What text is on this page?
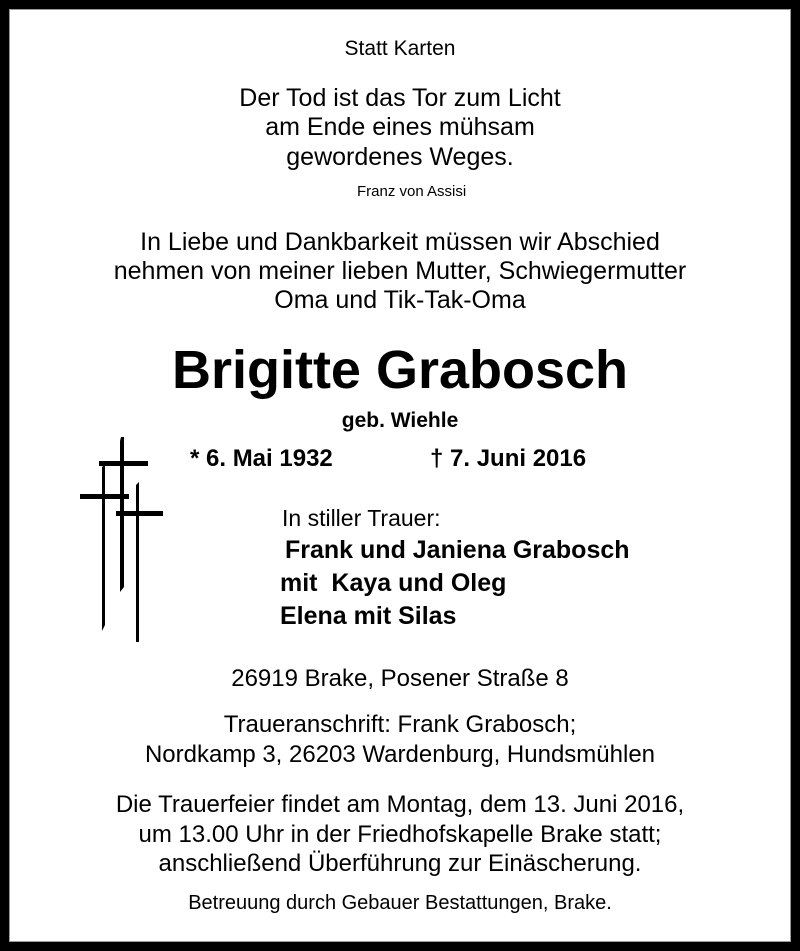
Statt Karten
Der Tod ist das Tor zum Licht
am Ende eines mühsam
gewordenes Weges.
Franz von Assisi
In Liebe und Dankbarkeit müssen wir Abschied
nehmen von meiner lieben Mutter, Schwiegermutter
Oma und Tik-Tak-Oma
Brigitte Grabosch
geb. Wiehle
* 6. Mai 1932	† 7. Juni 2016
In stiller Trauer:
Frank und Janiena Grabosch
mit  Kaya und Oleg
Elena mit Silas
26919 Brake, Posener Straße 8
Traueranschrift: Frank Grabosch;
Nordkamp 3, 26203 Wardenburg, Hundsmühlen
Die Trauerfeier findet am Montag, dem 13. Juni 2016,
um 13.00 Uhr in der Friedhofskapelle Brake statt;
anschließend Überführung zur Einäscherung.
Betreuung durch Gebauer Bestattungen, Brake.
